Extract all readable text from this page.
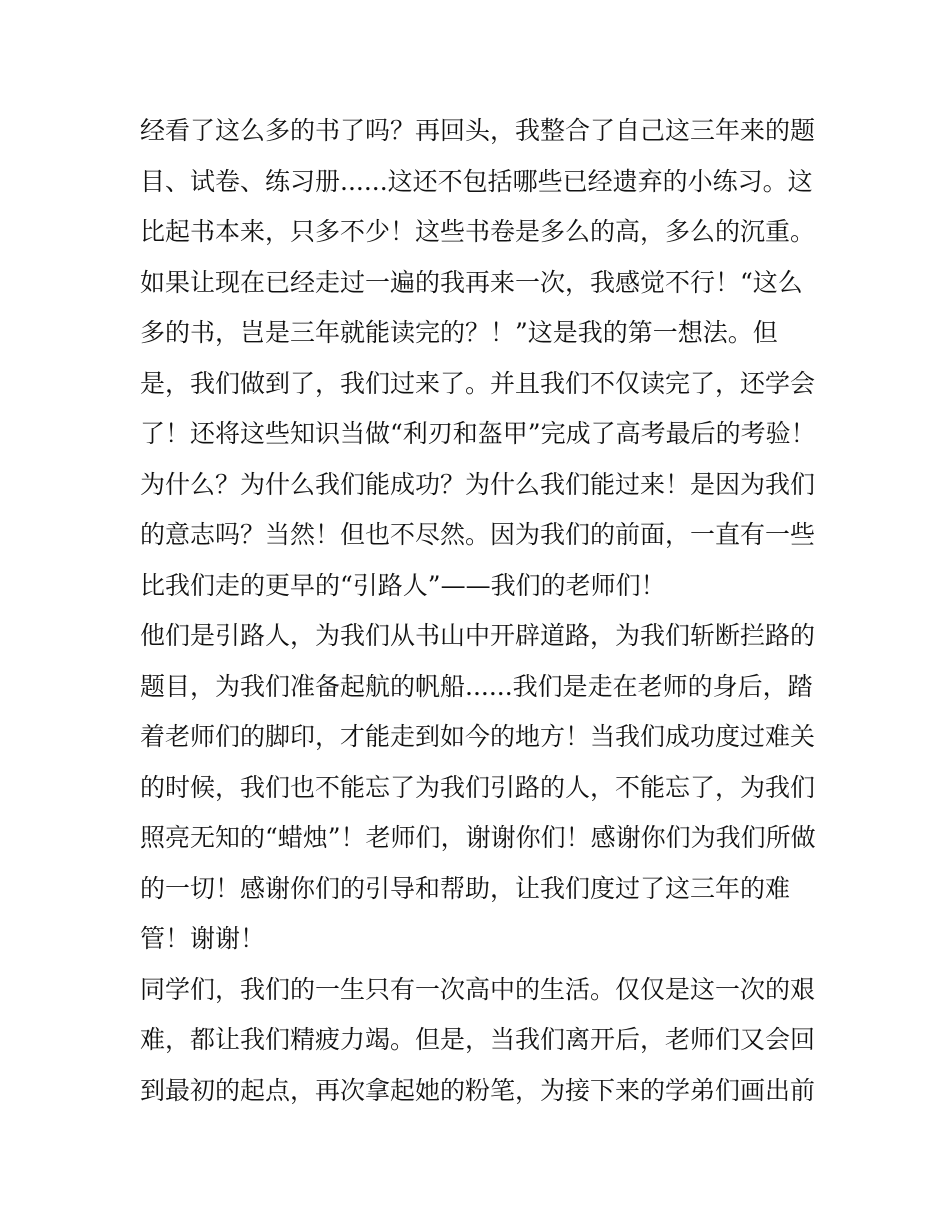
经看了这么多的书了吗？再回头，我整合了自己这三年来的题
目、试卷、练习册......这还不包括哪些已经遗弃的小练习。这
比起书本来，只多不少！这些书卷是多么的高，多么的沉重。
如果让现在已经走过一遍的我再来一次，我感觉不行！“这么
多的书，岂是三年就能读完的？！”这是我的第一想法。但
是，我们做到了，我们过来了。并且我们不仅读完了，还学会
了！还将这些知识当做“利刃和盔甲”完成了高考最后的考验！
为什么？为什么我们能成功？为什么我们能过来！是因为我们
的意志吗？当然！但也不尽然。因为我们的前面，一直有一些
比我们走的更早的“引路人”——我们的老师们！
他们是引路人，为我们从书山中开辟道路，为我们斩断拦路的
题目，为我们准备起航的帆船......我们是走在老师的身后，踏
着老师们的脚印，才能走到如今的地方！当我们成功度过难关
的时候，我们也不能忘了为我们引路的人，不能忘了，为我们
照亮无知的“蜡烛”！老师们，谢谢你们！感谢你们为我们所做
的一切！感谢你们的引导和帮助，让我们度过了这三年的难
管！谢谢！
同学们，我们的一生只有一次高中的生活。仅仅是这一次的艰
难，都让我们精疲力竭。但是，当我们离开后，老师们又会回
到最初的起点，再次拿起她的粉笔，为接下来的学弟们画出前
